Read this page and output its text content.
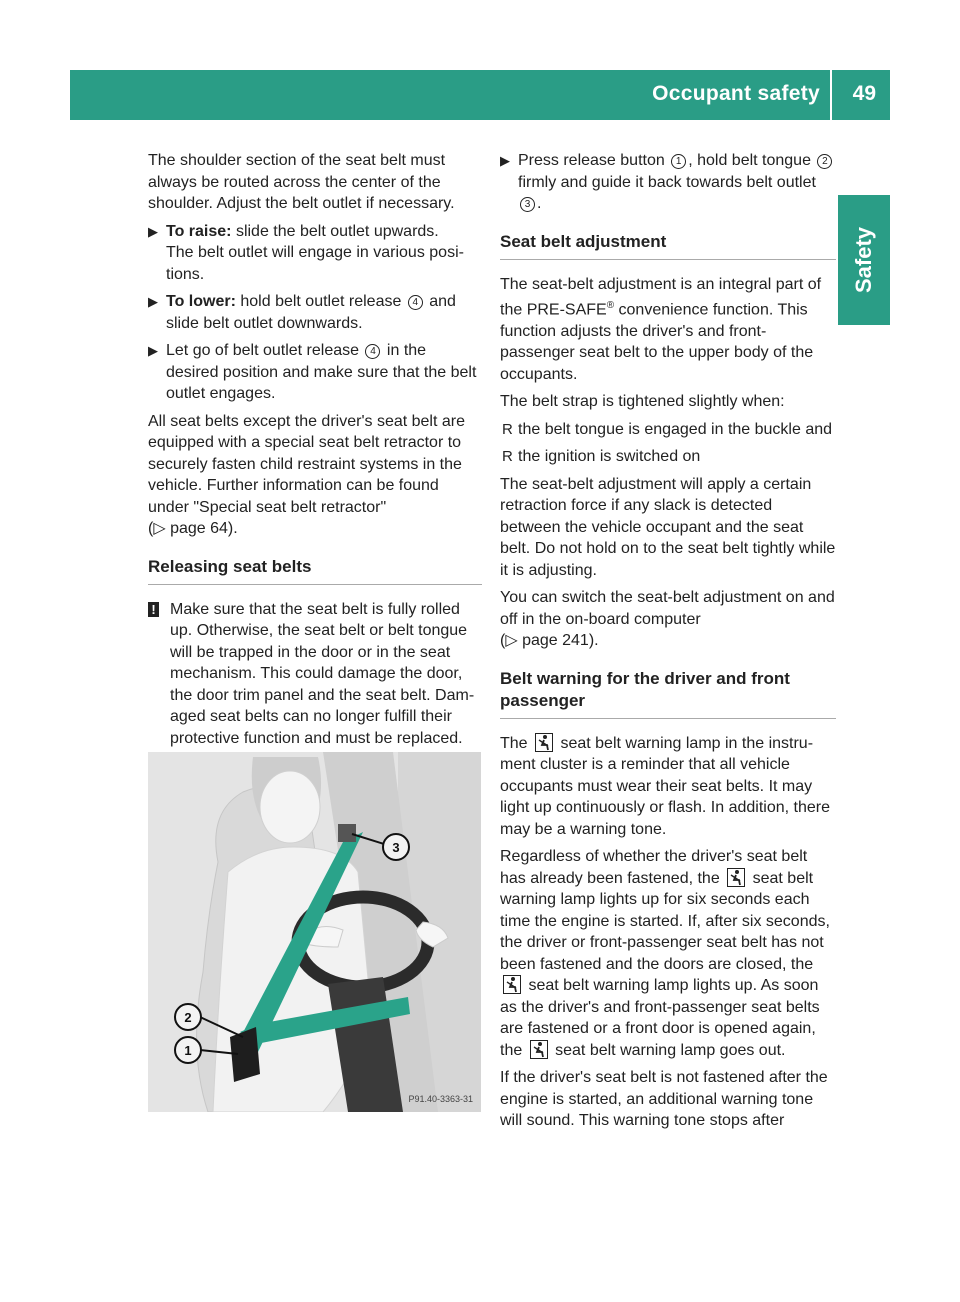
Occupant safety 49
Safety

The shoulder section of the seat belt must always be routed across the center of the shoulder. Adjust the belt outlet if necessary.

▶ To raise: slide the belt outlet upwards.
The belt outlet will engage in various posi-tions.
▶ To lower: hold belt outlet release 4 and slide belt outlet downwards.
▶ Let go of belt outlet release 4 in the desired position and make sure that the belt outlet engages.

All seat belts except the driver's seat belt are equipped with a special seat belt retractor to securely fasten child restraint systems in the vehicle. Further information can be found under "Special seat belt retractor"
(▷ page 64).

Releasing seat belts
! Make sure that the seat belt is fully rolled up. Otherwise, the seat belt or belt tongue will be trapped in the door or in the seat mechanism. This could damage the door, the door trim panel and the seat belt. Dam-aged seat belts can no longer fulfill their protective function and must be replaced.
3
2
1
P91.40-3363-31
▶ Press release button 1 , hold belt tongue 2 firmly and guide it back towards belt outlet 3 .
Seat belt adjustment

The seat-belt adjustment is an integral part of the PRE-SAFE® convenience function. This function adjusts the driver's and front-passenger seat belt to the upper body of the occupants.

The belt strap is tightened slightly when:

R the belt tongue is engaged in the buckle and
R the ignition is switched on

The seat-belt adjustment will apply a certain retraction force if any slack is detected between the vehicle occupant and the seat belt. Do not hold on to the seat belt tightly while it is adjusting.

You can switch the seat-belt adjustment on and off in the on-board computer
(▷ page 241).

Belt warning for the driver and front passenger

The  seat belt warning lamp in the instru-ment cluster is a reminder that all vehicle occupants must wear their seat belts. It may light up continuously or flash. In addition, there may be a warning tone.

Regardless of whether the driver's seat belt has already been fastened, the  seat belt warning lamp lights up for six seconds each time the engine is started. If, after six seconds, the driver or front-passenger seat belt has not been fastened and the doors are closed, the  seat belt warning lamp lights up. As soon as the driver's and front-passenger seat belts are fastened or a front door is opened again, the  seat belt warning lamp goes out.

If the driver's seat belt is not fastened after the engine is started, an additional warning tone will sound. This warning tone stops after
